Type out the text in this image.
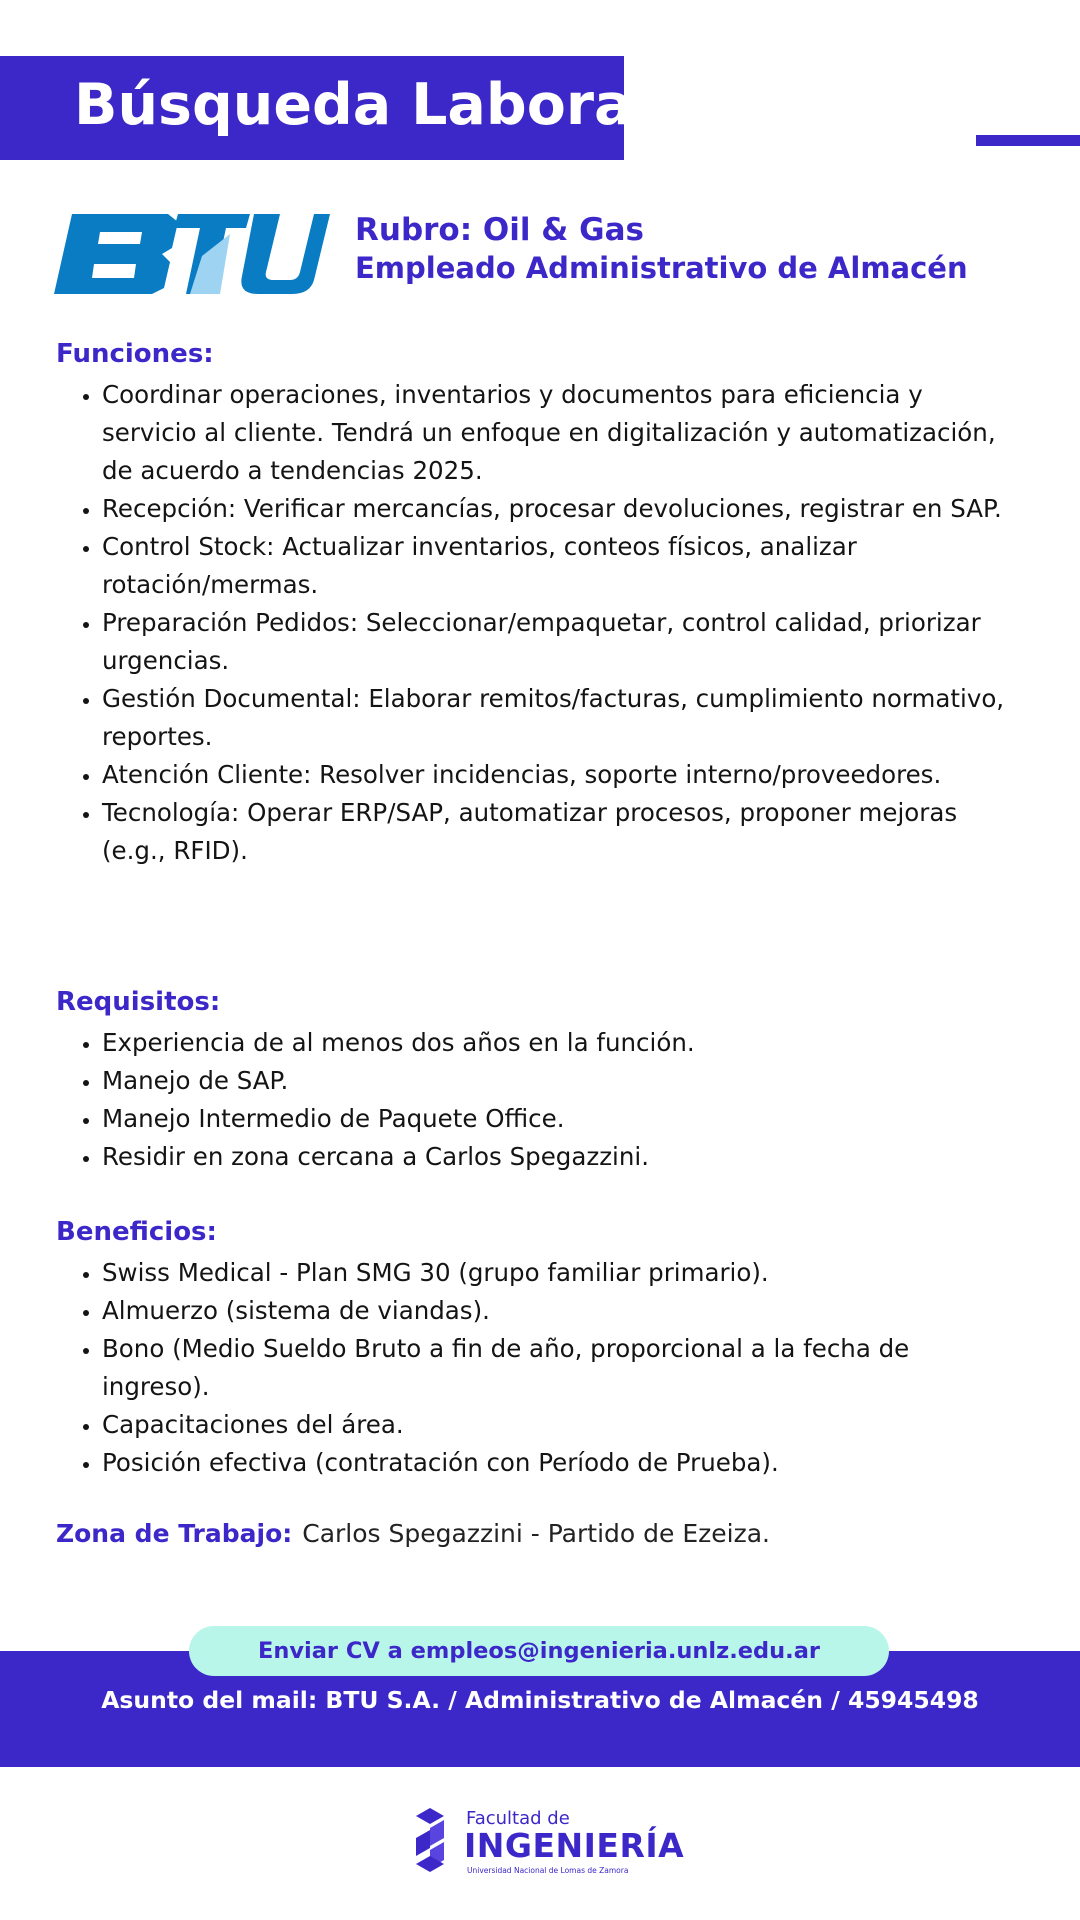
Búsqueda Laboral
Rubro: Oil & Gas
Empleado Administrativo de Almacén
Funciones:
• Coordinar operaciones, inventarios y documentos para eficiencia y servicio al cliente. Tendrá un enfoque en digitalización y automatización, de acuerdo a tendencias 2025.
• Recepción: Verificar mercancías, procesar devoluciones, registrar en SAP.
• Control Stock: Actualizar inventarios, conteos físicos, analizar rotación/mermas.
• Preparación Pedidos: Seleccionar/empaquetar, control calidad, priorizar urgencias.
• Gestión Documental: Elaborar remitos/facturas, cumplimiento normativo, reportes.
• Atención Cliente: Resolver incidencias, soporte interno/proveedores.
• Tecnología: Operar ERP/SAP, automatizar procesos, proponer mejoras (e.g., RFID).
Requisitos:
• Experiencia de al menos dos años en la función.
• Manejo de SAP.
• Manejo Intermedio de Paquete Office.
• Residir en zona cercana a Carlos Spegazzini.
Beneficios:
• Swiss Medical - Plan SMG 30 (grupo familiar primario).
• Almuerzo (sistema de viandas).
• Bono (Medio Sueldo Bruto a fin de año, proporcional a la fecha de ingreso).
• Capacitaciones del área.
• Posición efectiva (contratación con Período de Prueba).
Zona de Trabajo: Carlos Spegazzini - Partido de Ezeiza.
Enviar CV a empleos@ingenieria.unlz.edu.ar
Asunto del mail: BTU S.A. / Administrativo de Almacén / 45945498
Facultad de
INGENIERÍA
Universidad Nacional de Lomas de Zamora
